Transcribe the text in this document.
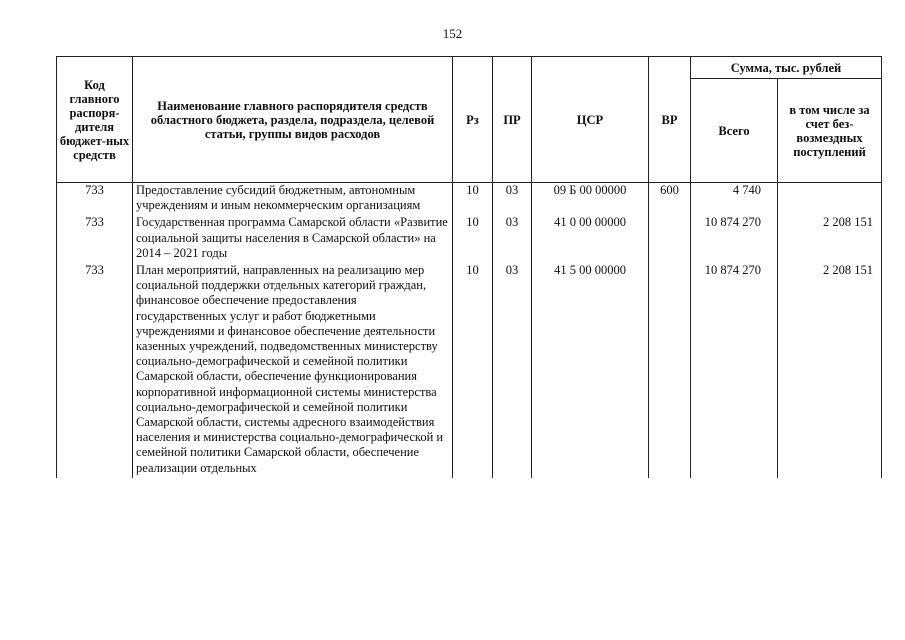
152
Код главного распоря-дителя бюджет-ных средств	Наименование главного распорядителя средств областного бюджета, раздела, подраздела, целевой статьи, группы видов расходов	Рз	ПР	ЦСР	ВР	Сумма, тыс. рублей	
						Всего	в том числе за счет без-возмездных поступлений
733	Предоставление субсидий бюджетным, автономным учреждениям и иным некоммерческим организациям	10	03	09 Б 00 00000	600	4 740	
733	Государственная программа Самарской области «Развитие социальной защиты населения в Самарской области» на 2014 – 2021 годы	10	03	41 0 00 00000		10 874 270	2 208 151
733	План мероприятий, направленных на реализацию мер социальной поддержки отдельных категорий граждан, финансовое обеспечение предоставления государственных услуг и работ бюджетными учреждениями и финансовое обеспечение деятельности казенных учреждений, подведомственных министерству социально-демографической и семейной политики Самарской области, обеспечение функционирования корпоративной информационной системы министерства социально-демографической и семейной политики Самарской области, системы адресного взаимодействия населения и министерства социально-демографической и семейной политики Самарской области, обеспечение реализации отдельных	10	03	41 5 00 00000		10 874 270	2 208 151
